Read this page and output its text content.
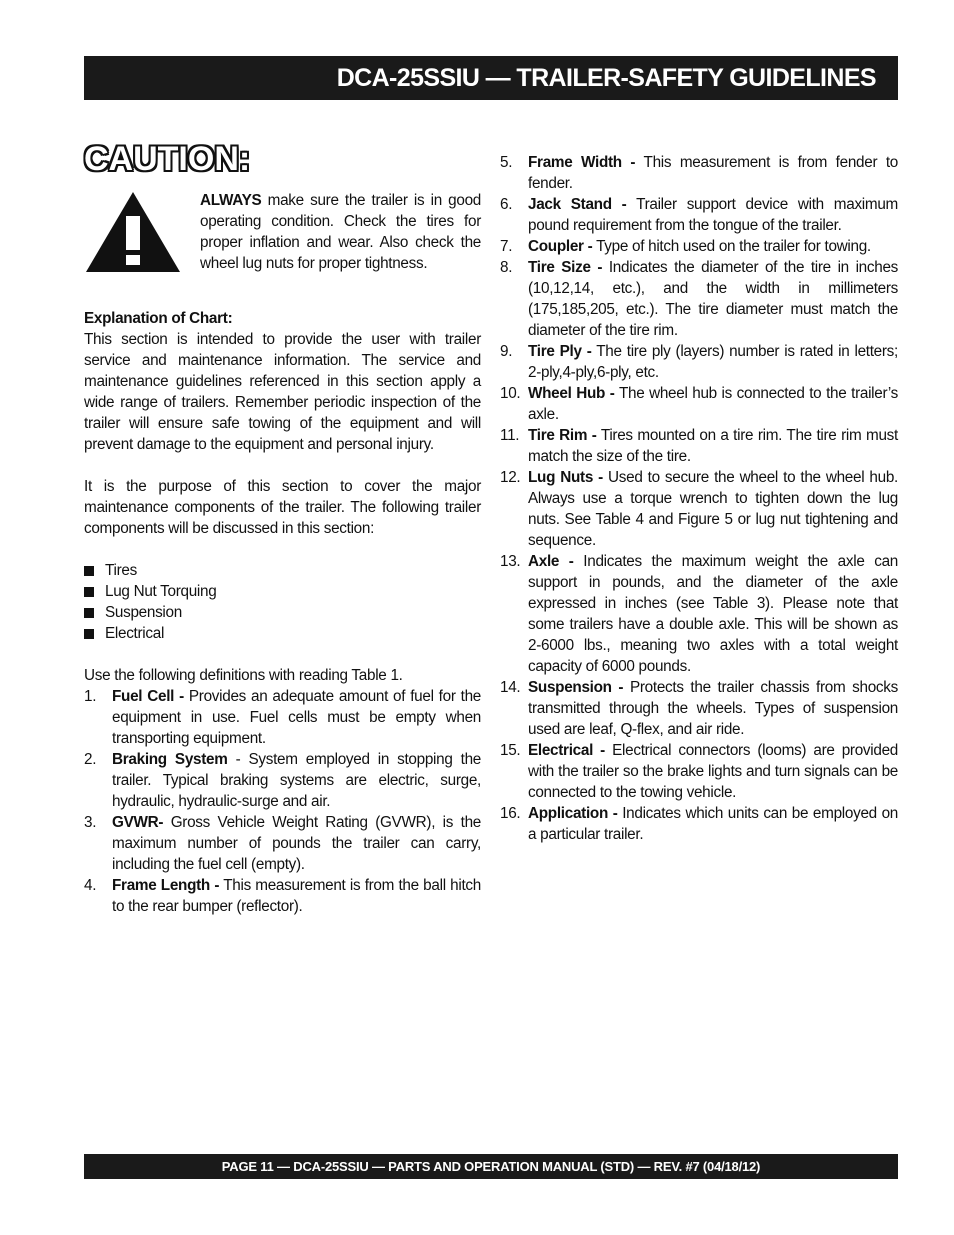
DCA-25SSIU — TRAILER-SAFETY GUIDELINES
CAUTION:
ALWAYS make sure the trailer is in good operating condition. Check the tires for proper inflation and wear. Also check the wheel lug nuts for proper tightness.
Explanation of Chart:
This section is intended to provide the user with trailer service and maintenance information. The service and maintenance guidelines referenced in this section apply a wide range of trailers. Remember periodic inspection of the trailer will ensure safe towing of the equipment and will prevent damage to the equipment and personal injury.
It is the purpose of this section to cover the major maintenance components of the trailer. The following trailer components will be discussed in this section:
Tires
Lug Nut Torquing
Suspension
Electrical
Use the following definitions with reading Table 1.
1.	Fuel Cell - Provides an adequate amount of fuel for the equipment in use. Fuel cells must be empty when transporting equipment.
2.	Braking System - System employed in stopping the trailer. Typical braking systems are electric, surge, hydraulic, hydraulic-surge and air.
3.	GVWR- Gross Vehicle Weight Rating (GVWR), is the maximum number of pounds the trailer can carry, including the fuel cell (empty).
4.	Frame Length - This measurement is from the ball hitch to the rear bumper (reflector).
5.	Frame Width - This measurement is from fender to fender.
6.	Jack Stand - Trailer support device with maximum pound requirement from the tongue of the trailer.
7.	Coupler - Type of hitch used on the trailer for towing.
8.	Tire Size - Indicates the diameter of the tire in inches (10,12,14, etc.), and the width in millimeters (175,185,205, etc.). The tire diameter must match the diameter of the tire rim.
9.	Tire Ply - The tire ply (layers) number is rated in letters; 2-ply,4-ply,6-ply, etc.
10. Wheel Hub - The wheel hub is connected to the trailer’s axle.
11. Tire Rim - Tires mounted on a tire rim. The tire rim must match the size of the tire.
12. Lug Nuts - Used to secure the wheel to the wheel hub. Always use a torque wrench to tighten down the lug nuts. See Table 4 and Figure 5 or lug nut tightening and sequence.
13. Axle - Indicates the maximum weight the axle can support in pounds, and the diameter of the axle expressed in inches (see Table 3). Please note that some trailers have a double axle. This will be shown as 2-6000 lbs., meaning two axles with a total weight capacity of 6000 pounds.
14. Suspension - Protects the trailer chassis from shocks transmitted through the wheels. Types of suspension used are leaf, Q-flex, and air ride.
15. Electrical - Electrical connectors (looms) are provided with the trailer so the brake lights and turn signals can be connected to the towing vehicle.
16. Application - Indicates which units can be employed on a particular trailer.
PAGE 11 — DCA-25SSIU — PARTS AND OPERATION MANUAL (STD) — REV. #7 (04/18/12)
